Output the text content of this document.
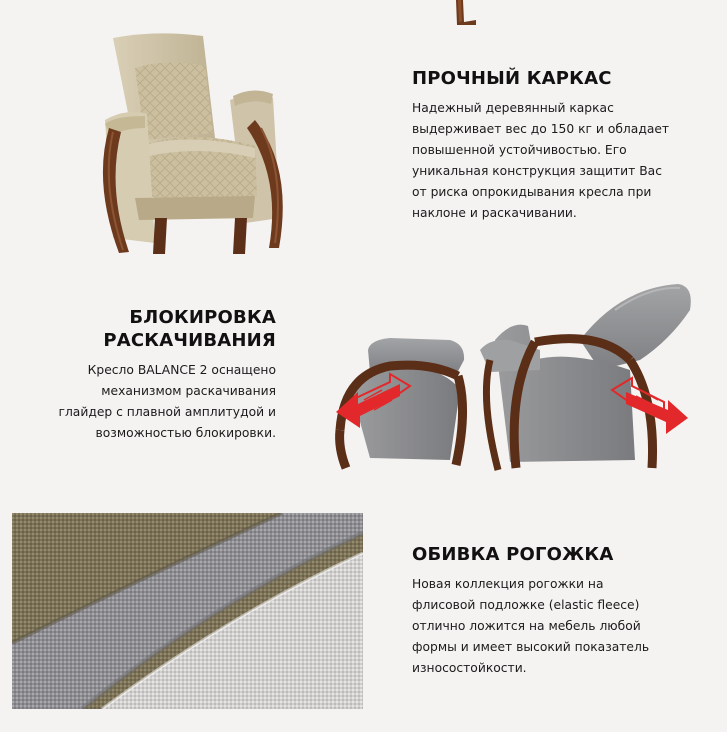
ПРОЧНЫЙ КАРКАС

Надежный деревянный каркас

выдерживает вес до 150 кг и обладает

повышенной устойчивостью. Его

уникальная конструкция защитит Вас

от риска опрокидывания кресла при

наклоне и раскачивании.

БЛОКИРОВКА
РАСКАЧИВАНИЯ

Кресло BALANCE 2 оснащено

механизмом раскачивания

глайдер с плавной амплитудой и

возможностью блокировки.

ОБИВКА РОГОЖКА

Новая коллекция рогожки на

флисовой подложке (elastic fleece)

отлично ложится на мебель любой

формы и имеет высокий показатель

износостойкости.
